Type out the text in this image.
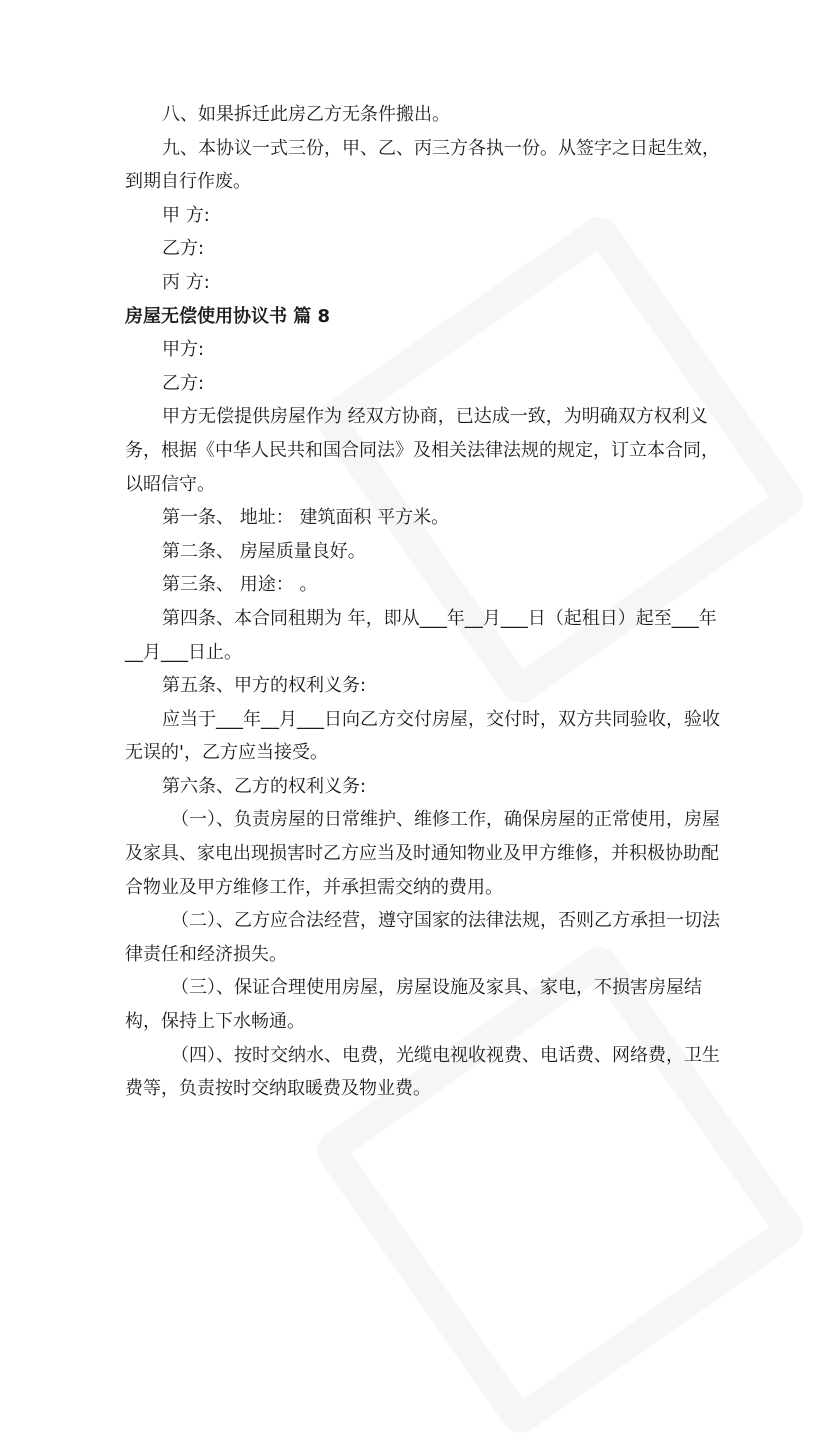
八、如果拆迁此房乙方无条件搬出。

九、本协议一式三份，甲、乙、丙三方各执一份。从签字之日起生效，到期自行作废。

甲 方:

乙方:

丙 方:

房屋无偿使用协议书 篇 8

甲方:

乙方:

甲方无偿提供房屋作为 经双方协商，已达成一致，为明确双方权利义务，根据《中华人民共和国合同法》及相关法律法规的规定，订立本合同，以昭信守。

第一条、 地址： 建筑面积 平方米。

第二条、 房屋质量良好。

第三条、 用途： 。

第四条、本合同租期为 年，即从___年__月___日（起租日）起至___年__月___日止。

第五条、甲方的权利义务:

应当于___年__月___日向乙方交付房屋，交付时，双方共同验收，验收无误的'，乙方应当接受。

第六条、乙方的权利义务:

（一）、负责房屋的日常维护、维修工作，确保房屋的正常使用，房屋及家具、家电出现损害时乙方应当及时通知物业及甲方维修，并积极协助配合物业及甲方维修工作，并承担需交纳的费用。

（二）、乙方应合法经营，遵守国家的法律法规，否则乙方承担一切法律责任和经济损失。

（三）、保证合理使用房屋，房屋设施及家具、家电，不损害房屋结构，保持上下水畅通。

（四）、按时交纳水、电费，光缆电视收视费、电话费、网络费，卫生费等，负责按时交纳取暖费及物业费。
